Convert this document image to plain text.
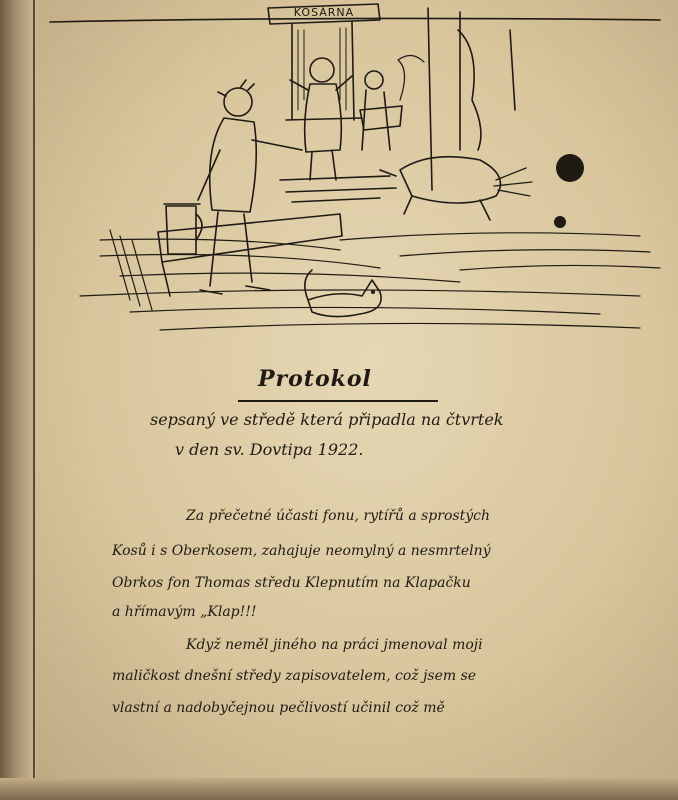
KOSÁRNA
Protokol
sepsaný ve středě která připadla na čtvrtek
v den sv. Dovtipa 1922.
Za přečetné účasti fonu, rytířů a sprostých
Kosů i s Oberkosem, zahajuje neomylný a nesmrtelný
Obrkos fon Thomas středu Klepnutím na Klapačku
a hřímavým „Klap!!!
Když neměl jiného na práci jmenoval moji
maličkost dnešní středy zapisovatelem, což jsem se
vlastní a nadobyčejnou pečlivostí učinil což mě
